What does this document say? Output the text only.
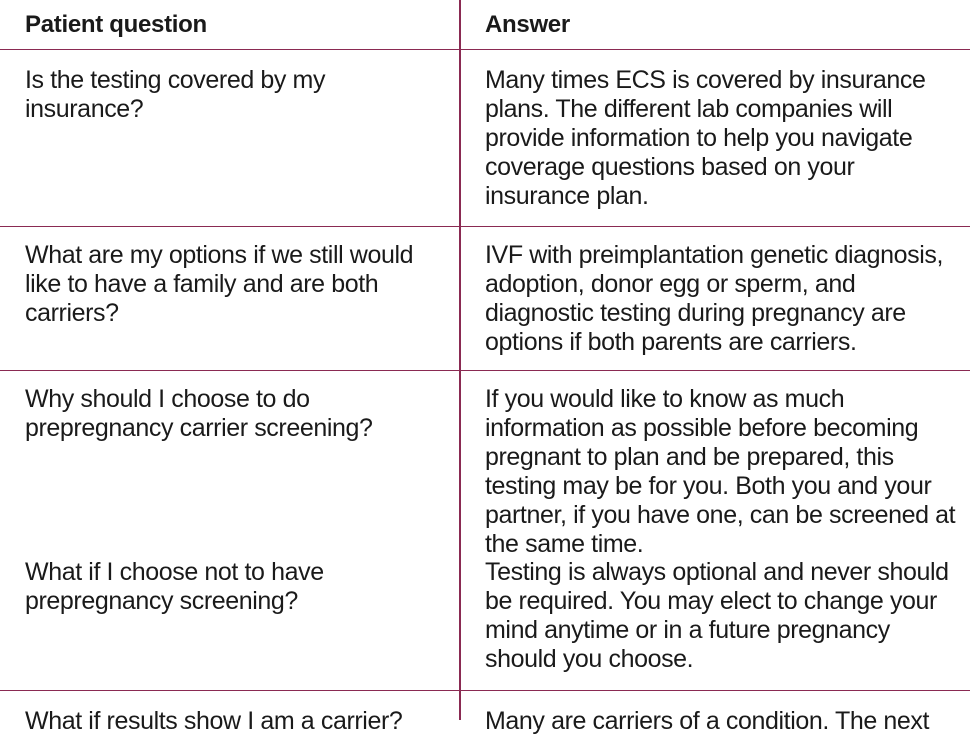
Patient question	Answer
Is the testing covered by my
insurance?
Many times ECS is covered by insurance
plans. The different lab companies will
provide information to help you navigate
coverage questions based on your
insurance plan.
What are my options if we still would
like to have a family and are both
carriers?
IVF with preimplantation genetic diagnosis,
adoption, donor egg or sperm, and
diagnostic testing during pregnancy are
options if both parents are carriers.
Why should I choose to do
prepregnancy carrier screening?
If you would like to know as much
information as possible before becoming
pregnant to plan and be prepared, this
testing may be for you. Both you and your
partner, if you have one, can be screened at
the same time.
What if I choose not to have
prepregnancy screening?
Testing is always optional and never should
be required. You may elect to change your
mind anytime or in a future pregnancy
should you choose.
What if results show I am a carrier?	Many are carriers of a condition. The next
